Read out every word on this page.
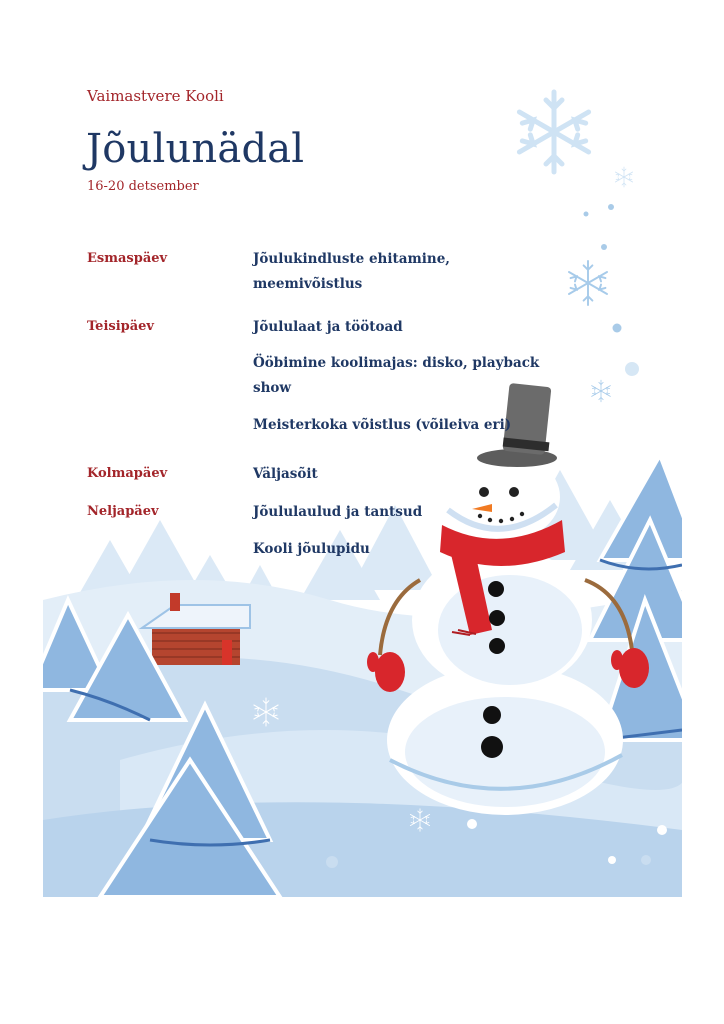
Vaimastvere Kooli
Jõulunädal
16-20 detsember
Esmaspäev	Jõulukindluste ehitamine, meemivõistlus
Teisipäev	Jõululaat ja töötoad
Ööbimine koolimajas: disko, playback show
Meisterkoka võistlus (võileiva eri)
Kolmapäev	Väljasõit
Neljapäev	Jõululaulud ja tantsud
Kooli jõulupidu
